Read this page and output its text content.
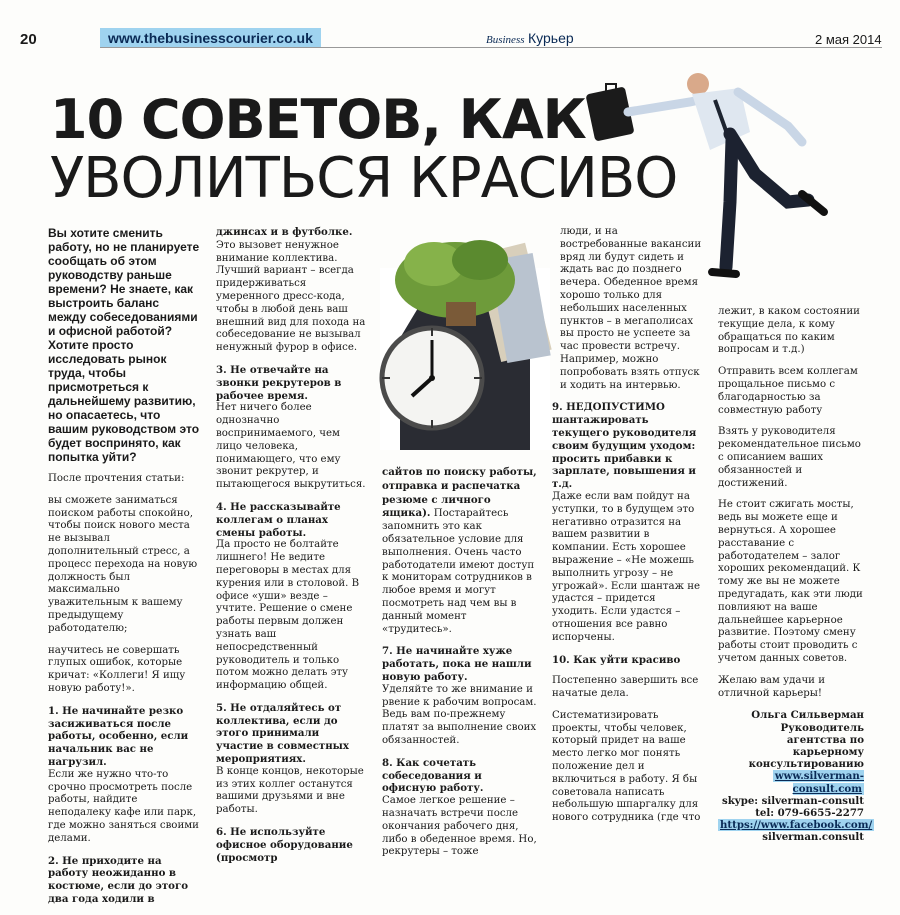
20	www.thebusinesscourier.co.uk	Business Курьер	2 мая 2014
10 СОВЕТОВ, КАК
УВОЛИТЬСЯ КРАСИВО

Вы хотите сменить работу, но не планируете сообщать об этом руководству раньше времени? Не знаете, как выстроить баланс между собеседованиями и офисной работой? Хотите просто исследовать рынок труда, чтобы присмотреться к дальнейшему развитию, но опасаетесь, что вашим руководством это будет воспринято, как попытка уйти?

После прочтения статьи:

вы сможете заниматься поиском работы спокойно, чтобы поиск нового места не вызывал дополнительный стресс, а процесс перехода на новую должность был максимально уважительным к вашему предыдущему работодателю;

научитесь не совершать глупых ошибок, которые кричат: «Коллеги! Я ищу новую работу!».

1. Не начинайте резко засиживаться после работы, особенно, если начальник вас не нагрузил.

Если же нужно что-то срочно просмотреть после работы, найдите неподалеку кафе или парк, где можно заняться своими делами.

2. Не приходите на работу неожиданно в костюме, если до этого два года ходили в

джинсах и в футболке. Это вызовет ненужное внимание коллектива. Лучший вариант – всегда придерживаться умеренного дресс-кода, чтобы в любой день ваш внешний вид для похода на собеседование не вызывал ненужный фурор в офисе.

3. Не отвечайте на звонки рекрутеров в рабочее время.

Нет ничего более однозначно воспринимаемого, чем лицо человека, понимающего, что ему звонит рекрутер, и пытающегося выкрутиться.

4. Не рассказывайте коллегам о планах смены работы.

Да просто не болтайте лишнего! Не ведите переговоры в местах для курения или в столовой. В офисе «уши» везде – учтите. Решение о смене работы первым должен узнать ваш непосредственный руководитель и только потом можно делать эту информацию общей.

5. Не отдаляйтесь от коллектива, если до этого принимали участие в совместных мероприятиях.

В конце концов, некоторые из этих коллег останутся вашими друзьями и вне работы.

6. Не используйте офисное оборудование (просмотр

сайтов по поиску работы, отправка и распечатка резюме с личного ящика). Постарайтесь запомнить это как обязательное условие для выполнения. Очень часто работодатели имеют доступ к мониторам сотрудников в любое время и могут посмотреть над чем вы в данный момент «трудитесь».

7. Не начинайте хуже работать, пока не нашли новую работу.

Уделяйте то же внимание и рвение к рабочим вопросам. Ведь вам по-прежнему платят за выполнение своих обязанностей.

8. Как сочетать собеседования и офисную работу.

Самое легкое решение – назначать встречи после окончания рабочего дня, либо в обеденное время. Но, рекрутеры – тоже

люди, и на востребованные вакансии вряд ли будут сидеть и ждать вас до позднего вечера. Обеденное время хорошо только для небольших населенных пунктов – в мегаполисах вы просто не успеете за час провести встречу. Например, можно попробовать взять отпуск и ходить на интервью.

9. НЕДОПУСТИМО шантажировать текущего руководителя своим будущим уходом: просить прибавки к зарплате, повышения и т.д.

Даже если вам пойдут на уступки, то в будущем это негативно отразится на вашем развитии в компании. Есть хорошее выражение – «Не можешь выполнить угрозу – не угрожай». Если шантаж не удастся – придется уходить. Если удастся – отношения все равно испорчены.

10. Как уйти красиво

Постепенно завершить все начатые дела.

Систематизировать проекты, чтобы человек, который придет на ваше место легко мог понять положение дел и включиться в работу. Я бы советовала написать небольшую шпаргалку для нового сотрудника (где что

лежит, в каком состоянии текущие дела, к кому обращаться по каким вопросам и т.д.)

Отправить всем коллегам прощальное письмо с благодарностью за совместную работу

Взять у руководителя рекомендательное письмо с описанием ваших обязанностей и достижений.

Не стоит сжигать мосты, ведь вы можете еще и вернуться. А хорошее расставание с работодателем – залог хороших рекомендаций. К тому же вы не можете предугадать, как эти люди повлияют на ваше дальнейшее карьерное развитие. Поэтому смену работы стоит проводить с учетом данных советов.

Желаю вам удачи и отличной карьеры!

Ольга Сильверман
Руководитель агентства по карьерному консультированию
www.silverman-consult.com
skype: silverman-consult
tel: 079-6655-2277
https://www.facebook.com/
silverman.consult
